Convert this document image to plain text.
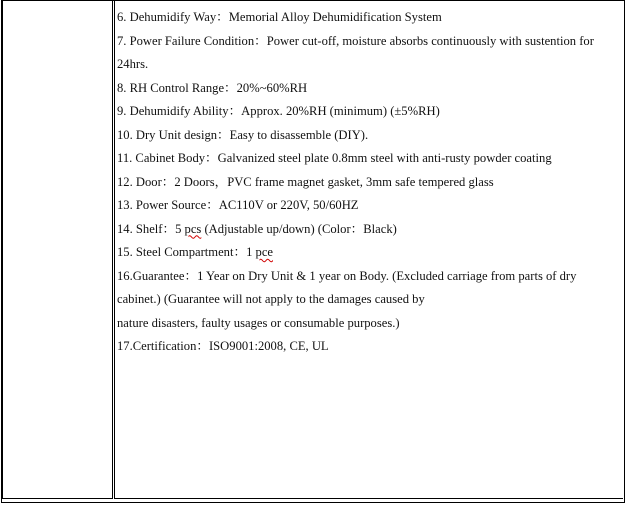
6. Dehumidify Way：Memorial Alloy Dehumidification System

7. Power Failure Condition：Power cut-off, moisture absorbs continuously with sustention for 24hrs.

8. RH Control Range：20%~60%RH

9. Dehumidify Ability：Approx. 20%RH (minimum) (±5%RH)

10. Dry Unit design：Easy to disassemble (DIY).

11. Cabinet Body：Galvanized steel plate 0.8mm steel with anti-rusty powder coating

12. Door：2 Doors，PVC frame magnet gasket, 3mm safe tempered glass

13. Power Source：AC110V or 220V, 50/60HZ

14. Shelf：5 pcs (Adjustable up/down) (Color：Black)

15. Steel Compartment：1 pce

16.Guarantee：1 Year on Dry Unit & 1 year on Body. (Excluded carriage from parts of dry cabinet.) (Guarantee will not apply to the damages caused by

nature disasters, faulty usages or consumable purposes.)

17.Certification：ISO9001:2008, CE, UL
